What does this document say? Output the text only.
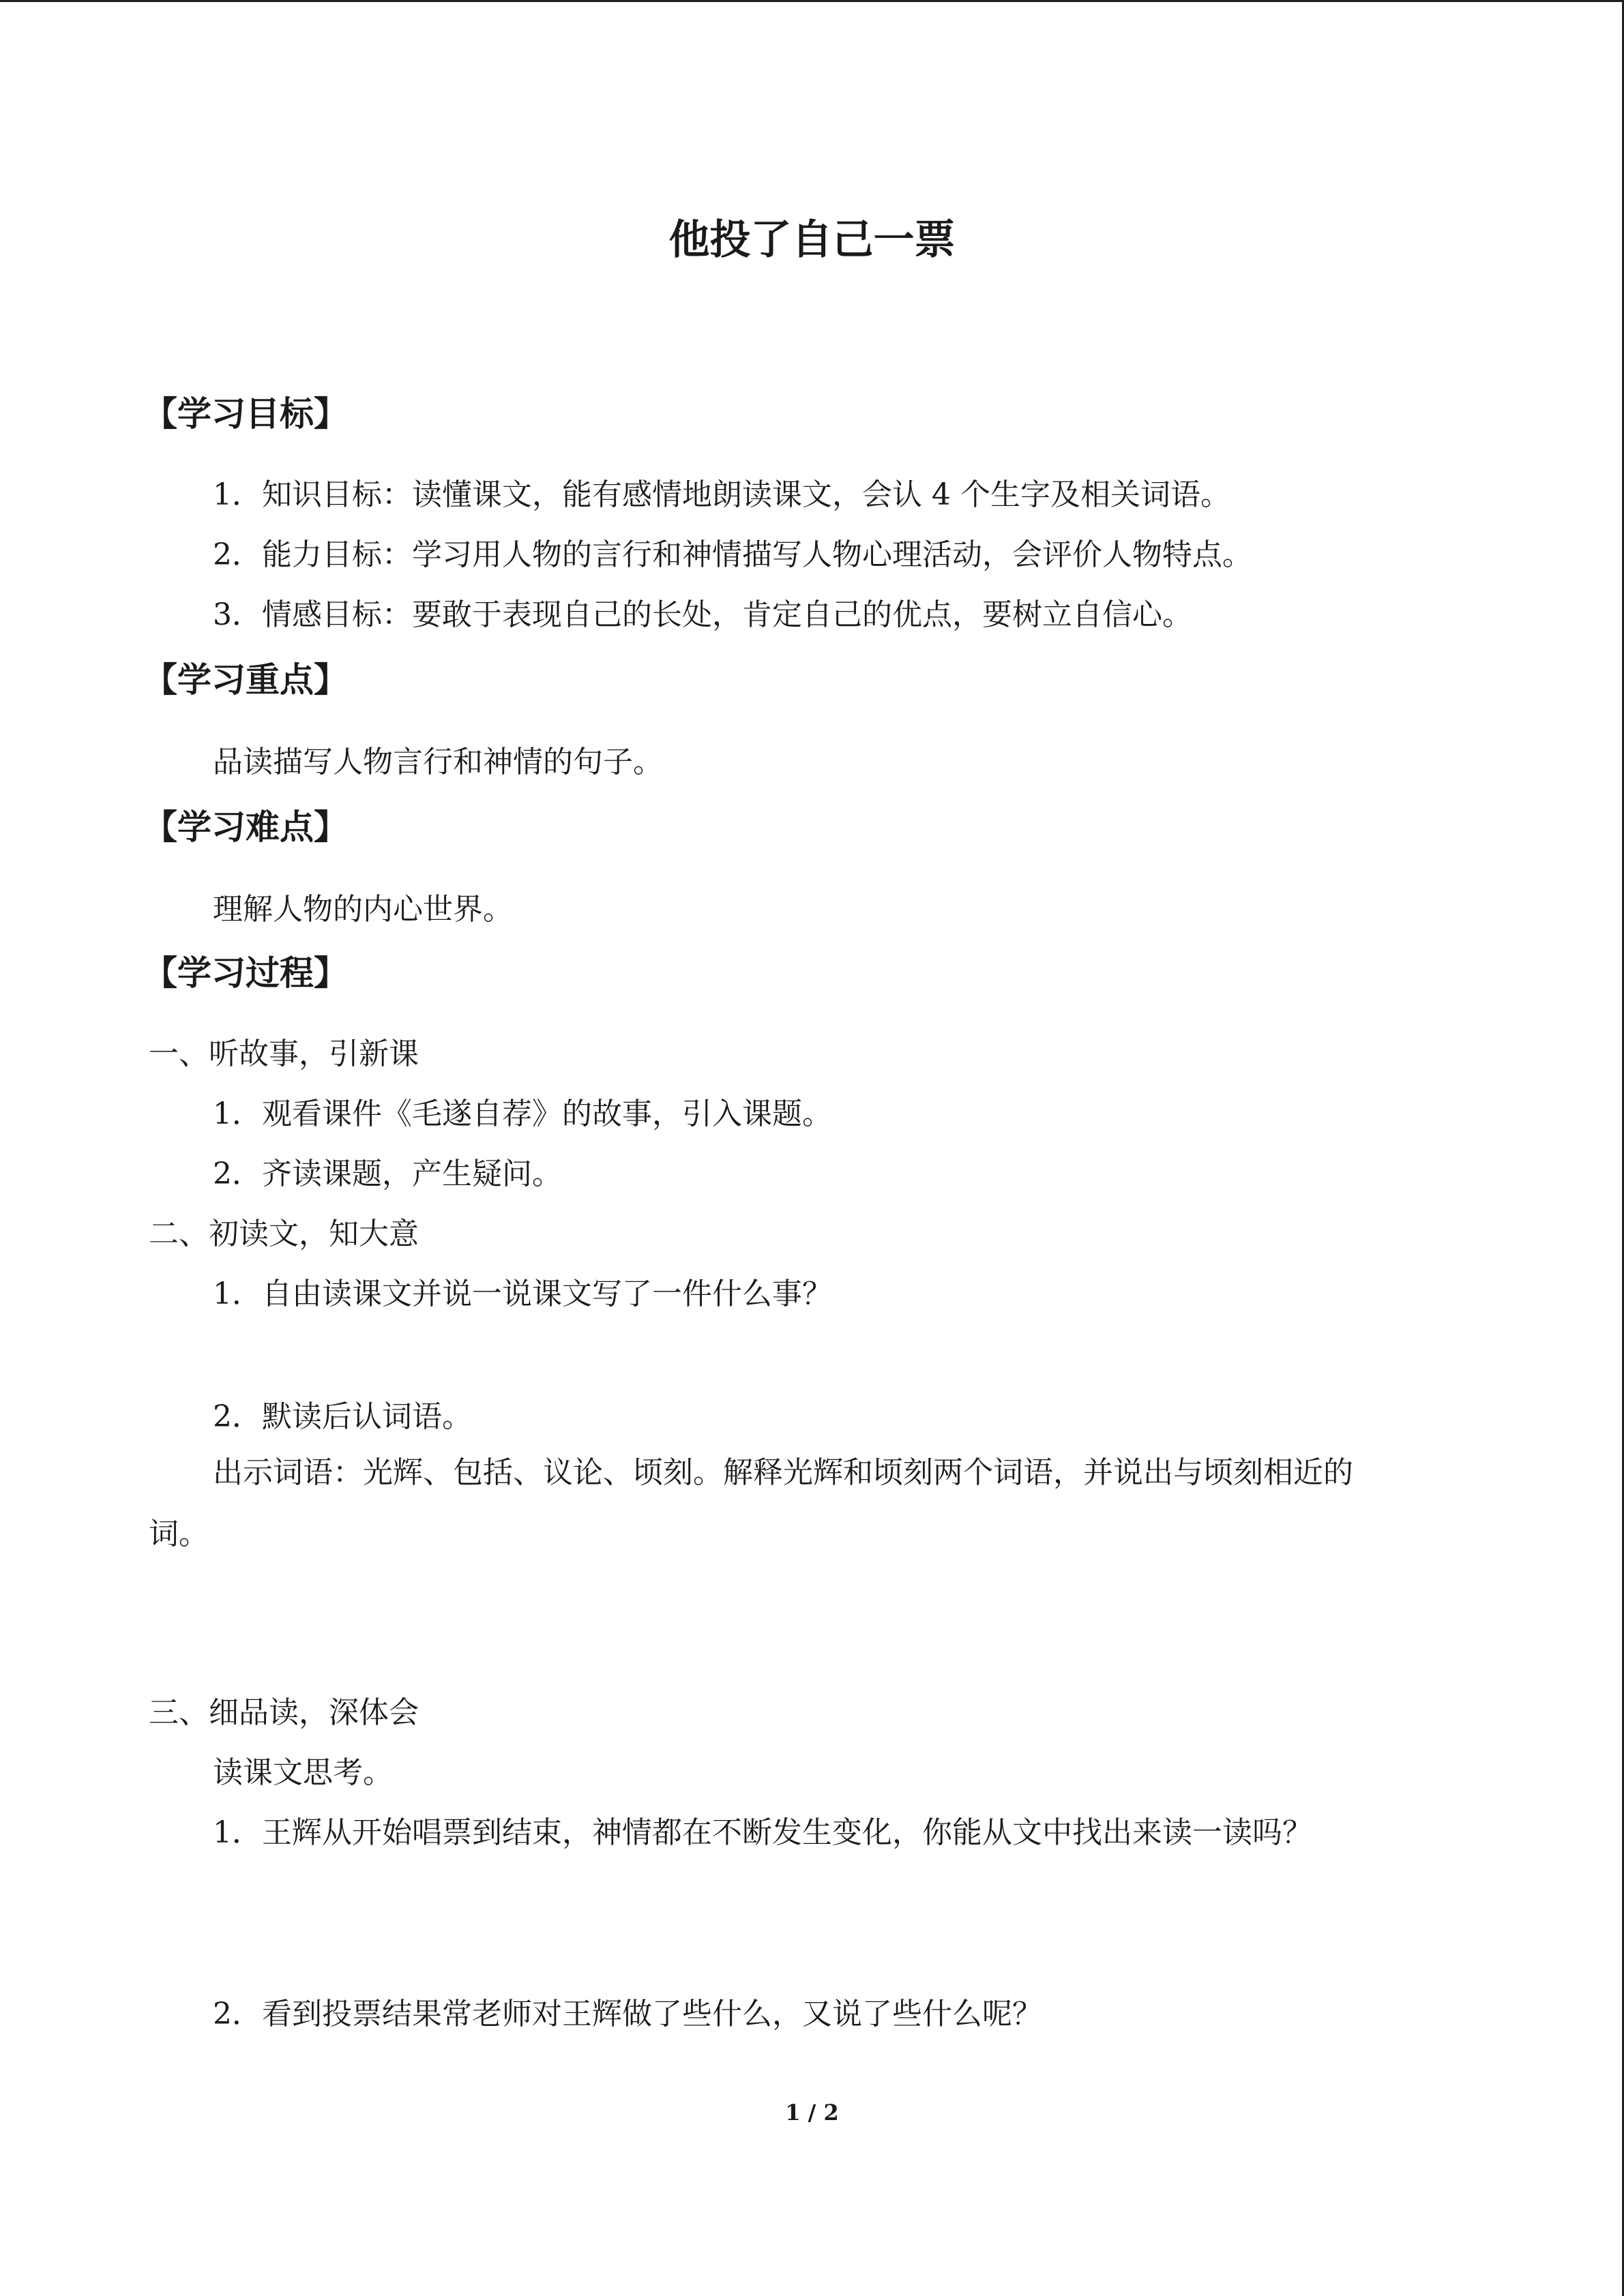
他投了自己一票
【学习目标】
1．知识目标：读懂课文，能有感情地朗读课文，会认 4 个生字及相关词语。
2．能力目标：学习用人物的言行和神情描写人物心理活动，会评价人物特点。
3．情感目标：要敢于表现自己的长处，肯定自己的优点，要树立自信心。
【学习重点】
品读描写人物言行和神情的句子。
【学习难点】
理解人物的内心世界。
【学习过程】
一、听故事，引新课
1．观看课件《毛遂自荐》的故事，引入课题。
2．齐读课题，产生疑问。
二、初读文，知大意
1．自由读课文并说一说课文写了一件什么事？
2．默读后认词语。
出示词语：光辉、包括、议论、顷刻。解释光辉和顷刻两个词语，并说出与顷刻相近的
词。
三、细品读，深体会
读课文思考。
1．王辉从开始唱票到结束，神情都在不断发生变化，你能从文中找出来读一读吗？
2．看到投票结果常老师对王辉做了些什么，又说了些什么呢？
1 / 2
